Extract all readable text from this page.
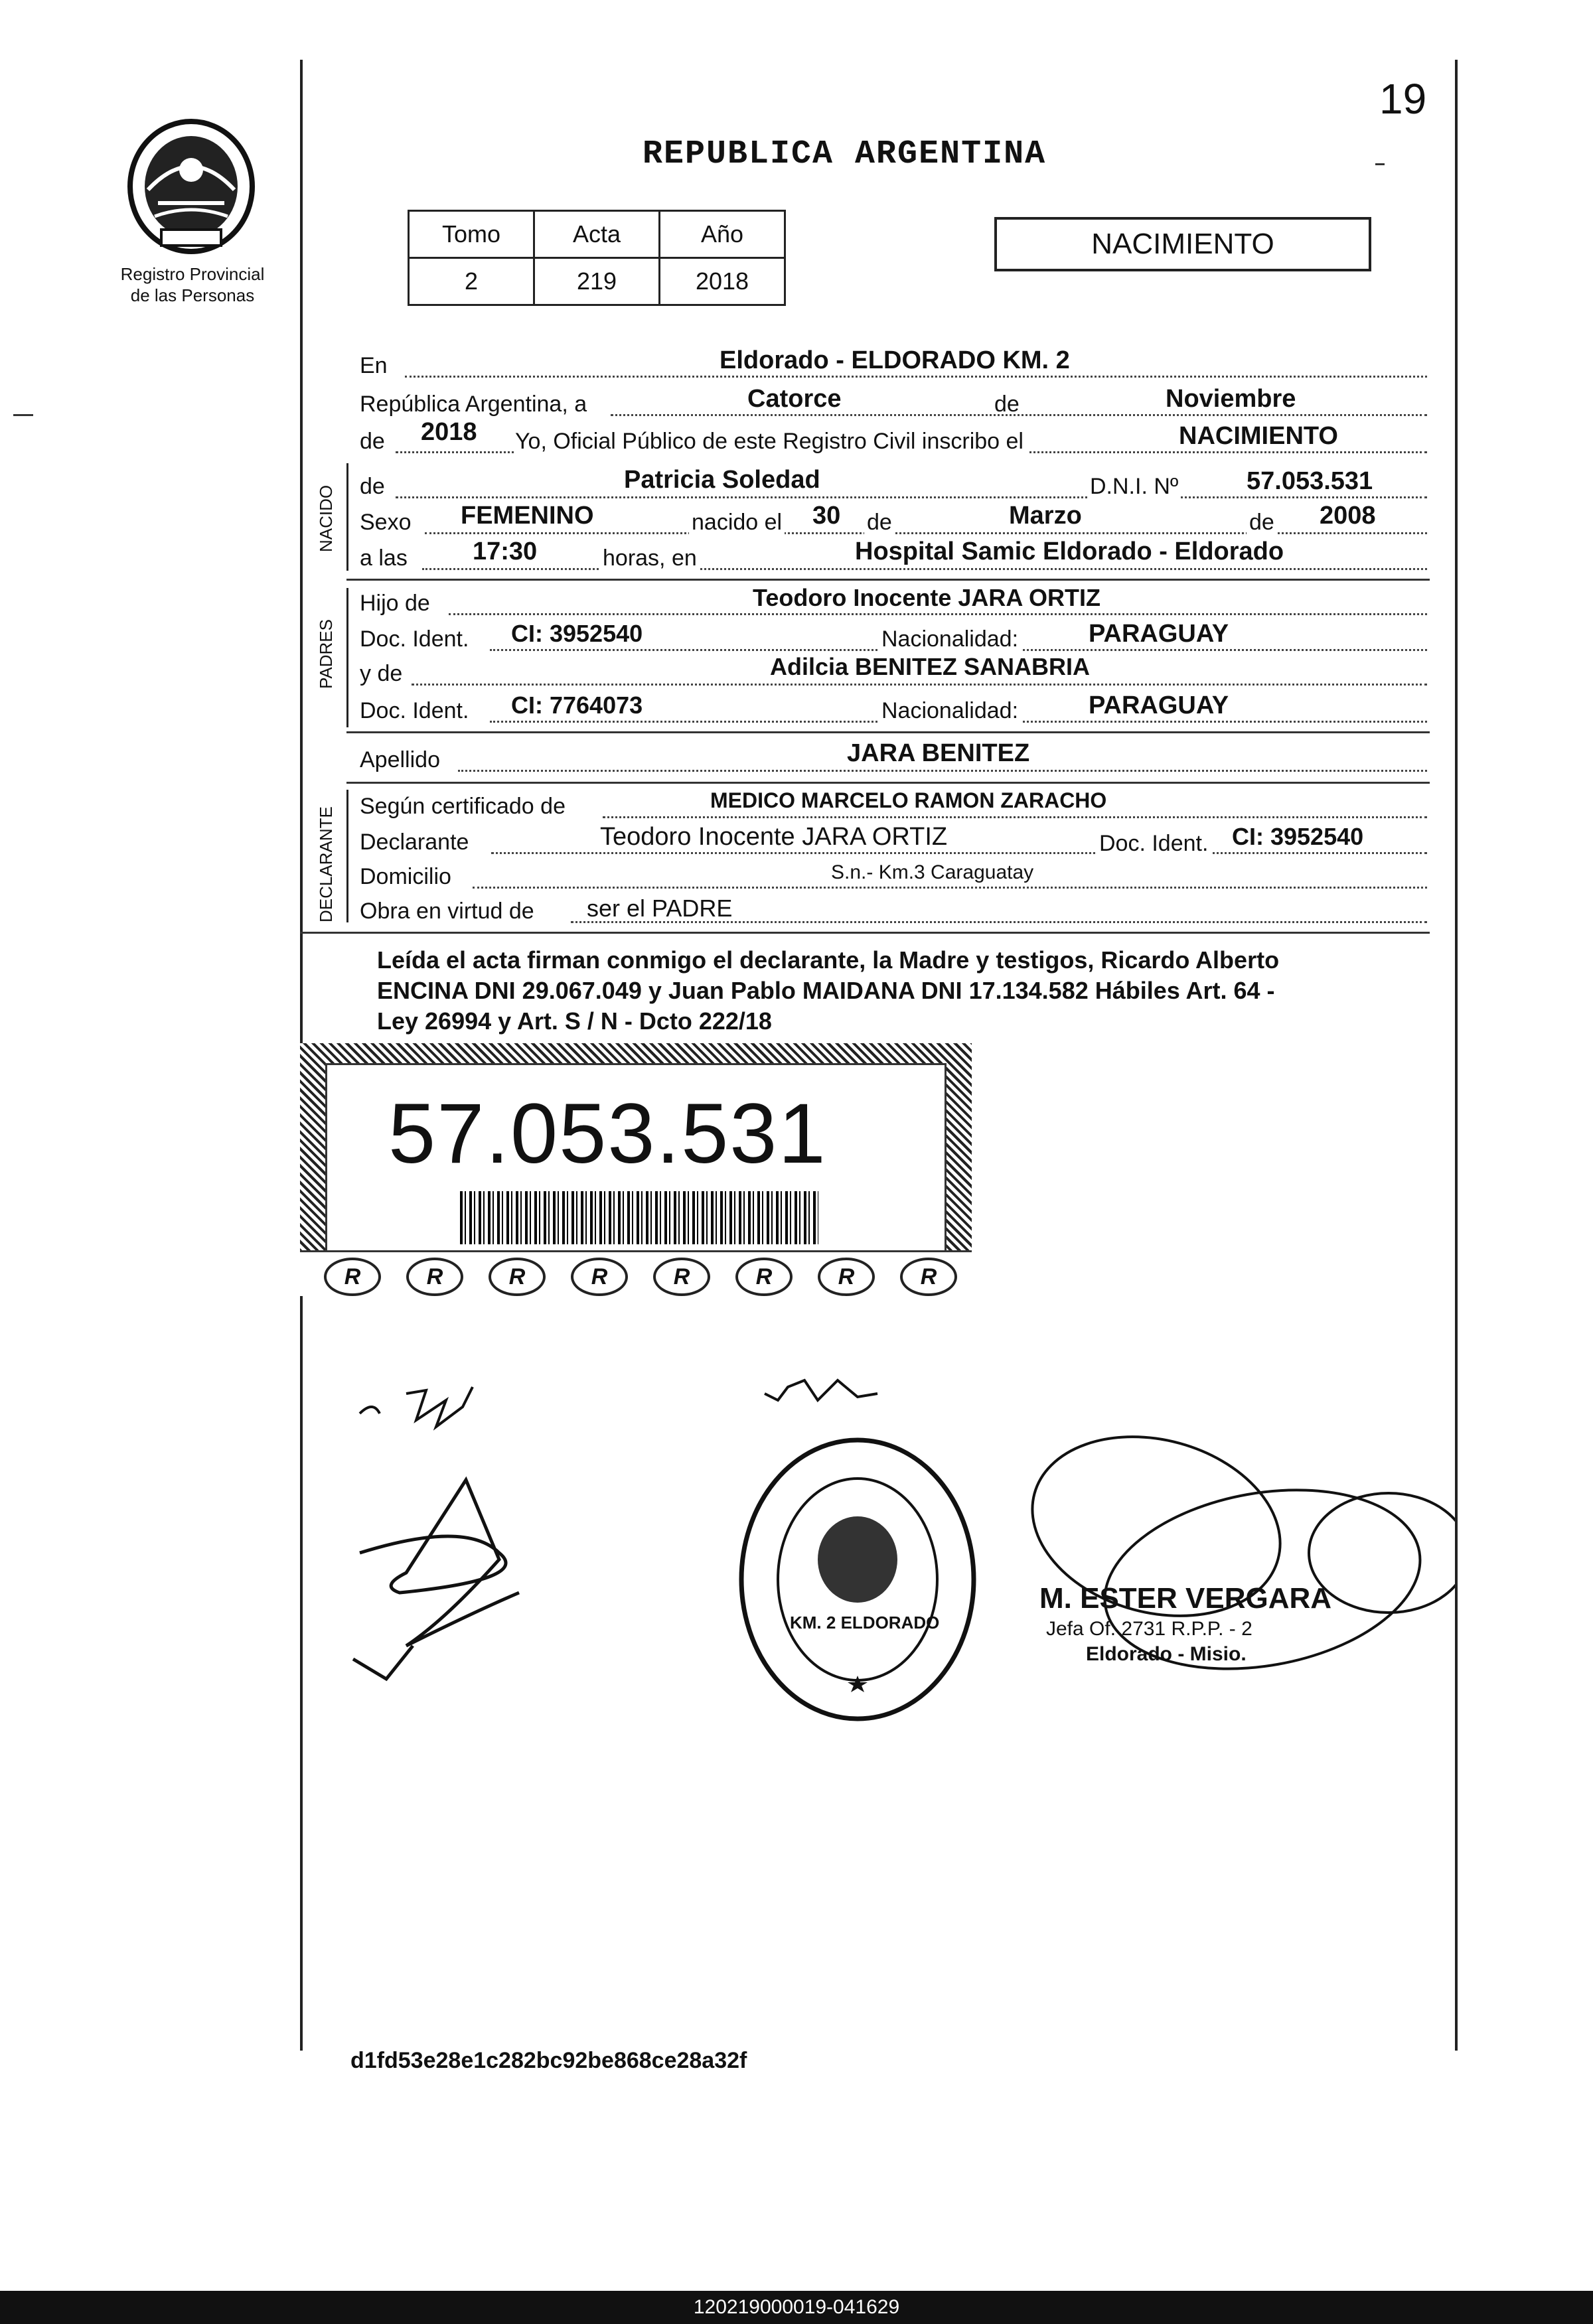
19
Registro Provincial
de las Personas
REPUBLICA ARGENTINA
Tomo	Acta	Año
2	219	2018
NACIMIENTO
En	Eldorado - ELDORADO KM. 2
República Argentina, a	Catorce	de	Noviembre
de 2018 Yo, Oficial Público de este Registro Civil inscribo el	NACIMIENTO
NACIDO de	Patricia Soledad	D.N.I. Nº	57.053.531
Sexo FEMENINO	nacido el 30 de	Marzo	de 2008
a las	17:30	horas, en	Hospital Samic Eldorado - Eldorado
PADRES
Hijo de	Teodoro Inocente JARA ORTIZ
Doc. Ident. CI: 3952540	Nacionalidad:	PARAGUAY
y de	Adilcia BENITEZ SANABRIA
Doc. Ident. CI: 7764073	Nacionalidad:	PARAGUAY
Apellido	JARA BENITEZ
DECLARANTE
Según certificado de	MEDICO MARCELO RAMON ZARACHO
Declarante	Teodoro Inocente JARA ORTIZ	Doc. Ident. CI: 3952540
Domicilio	S.n.- Km.3 Caraguatay
Obra en virtud de ser el PADRE
Leída el acta firman conmigo el declarante, la Madre y testigos, Ricardo Alberto
ENCINA DNI 29.067.049 y Juan Pablo MAIDANA DNI 17.134.582 Hábiles Art. 64 -
Ley 26994 y Art. S / N - Dcto 222/18
57.053.531
R	R	R	R	R	R	R	R
KM. 2 ELDORADO
M. ESTER VERGARA
Jefa Of. 2731 R.P.P. - 2
Eldorado - Misio.
d1fd53e28e1c282bc92be868ce28a32f
120219000019-041629
